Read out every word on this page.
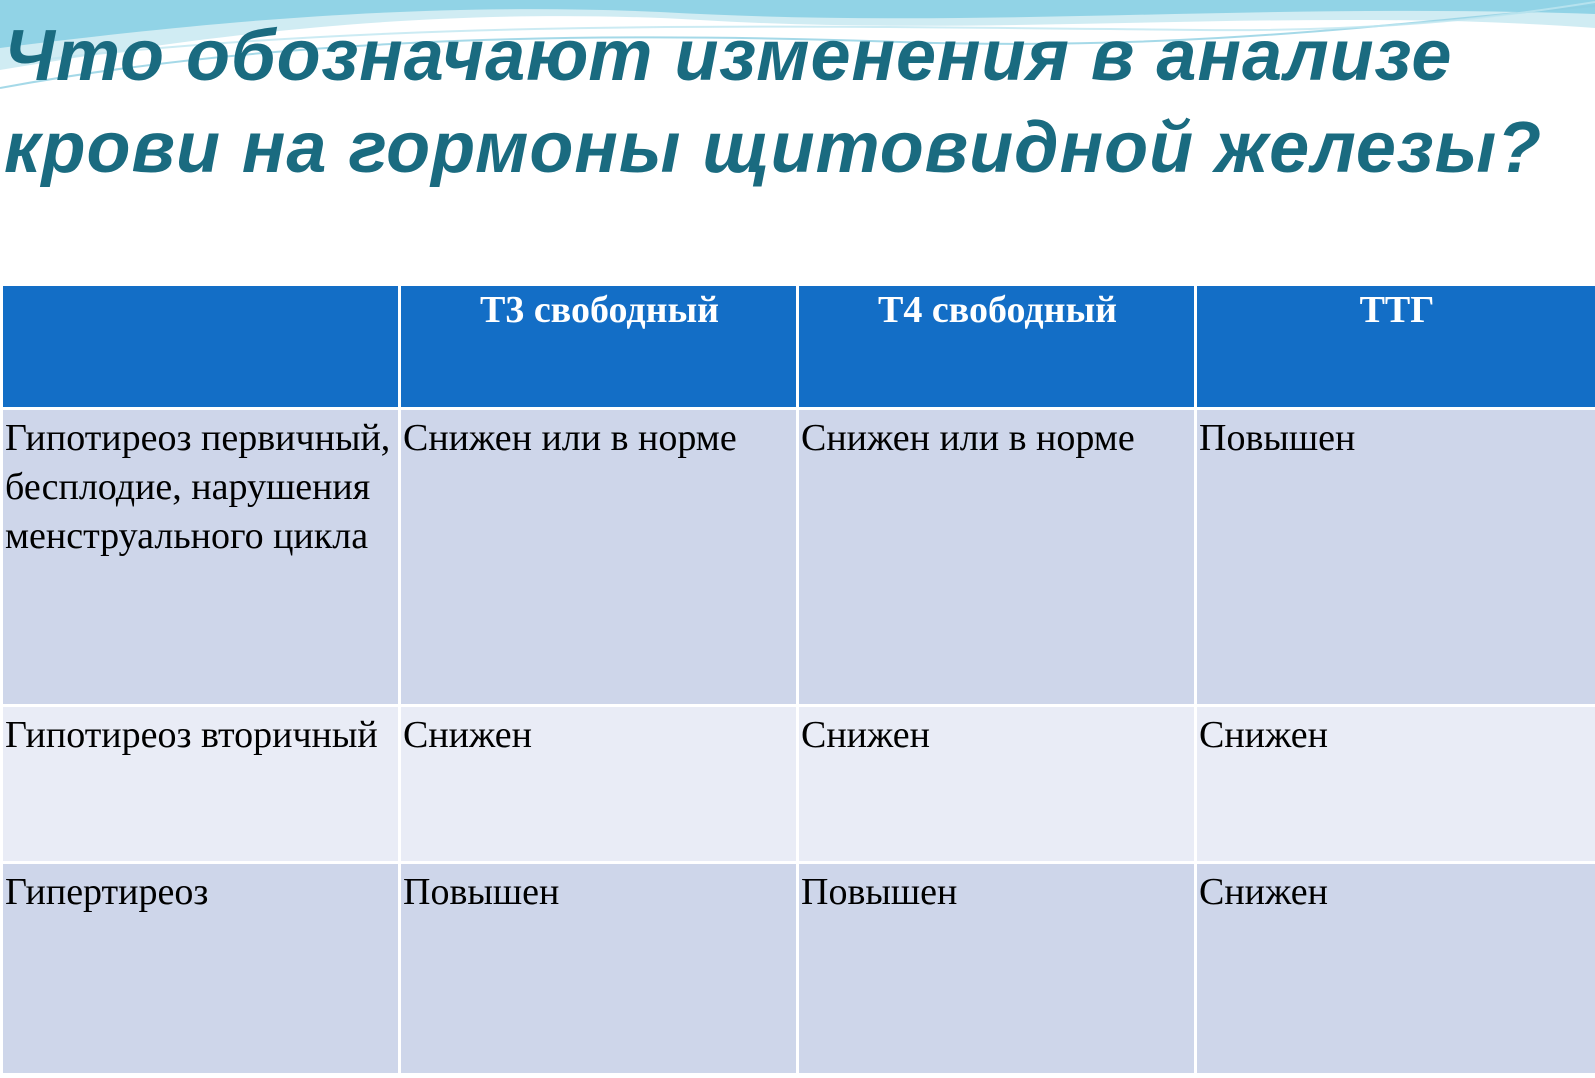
Что обозначают изменения в анализе крови на гормоны щитовидной железы?
	Т3 свободный	Т4 свободный	ТТГ
Гипотиреоз первичный, бесплодие, нарушения менструального цикла	Снижен или в норме	Снижен или в норме	Повышен
Гипотиреоз вторичный	Снижен	Снижен	Снижен
Гипертиреоз	Повышен	Повышен	Снижен
